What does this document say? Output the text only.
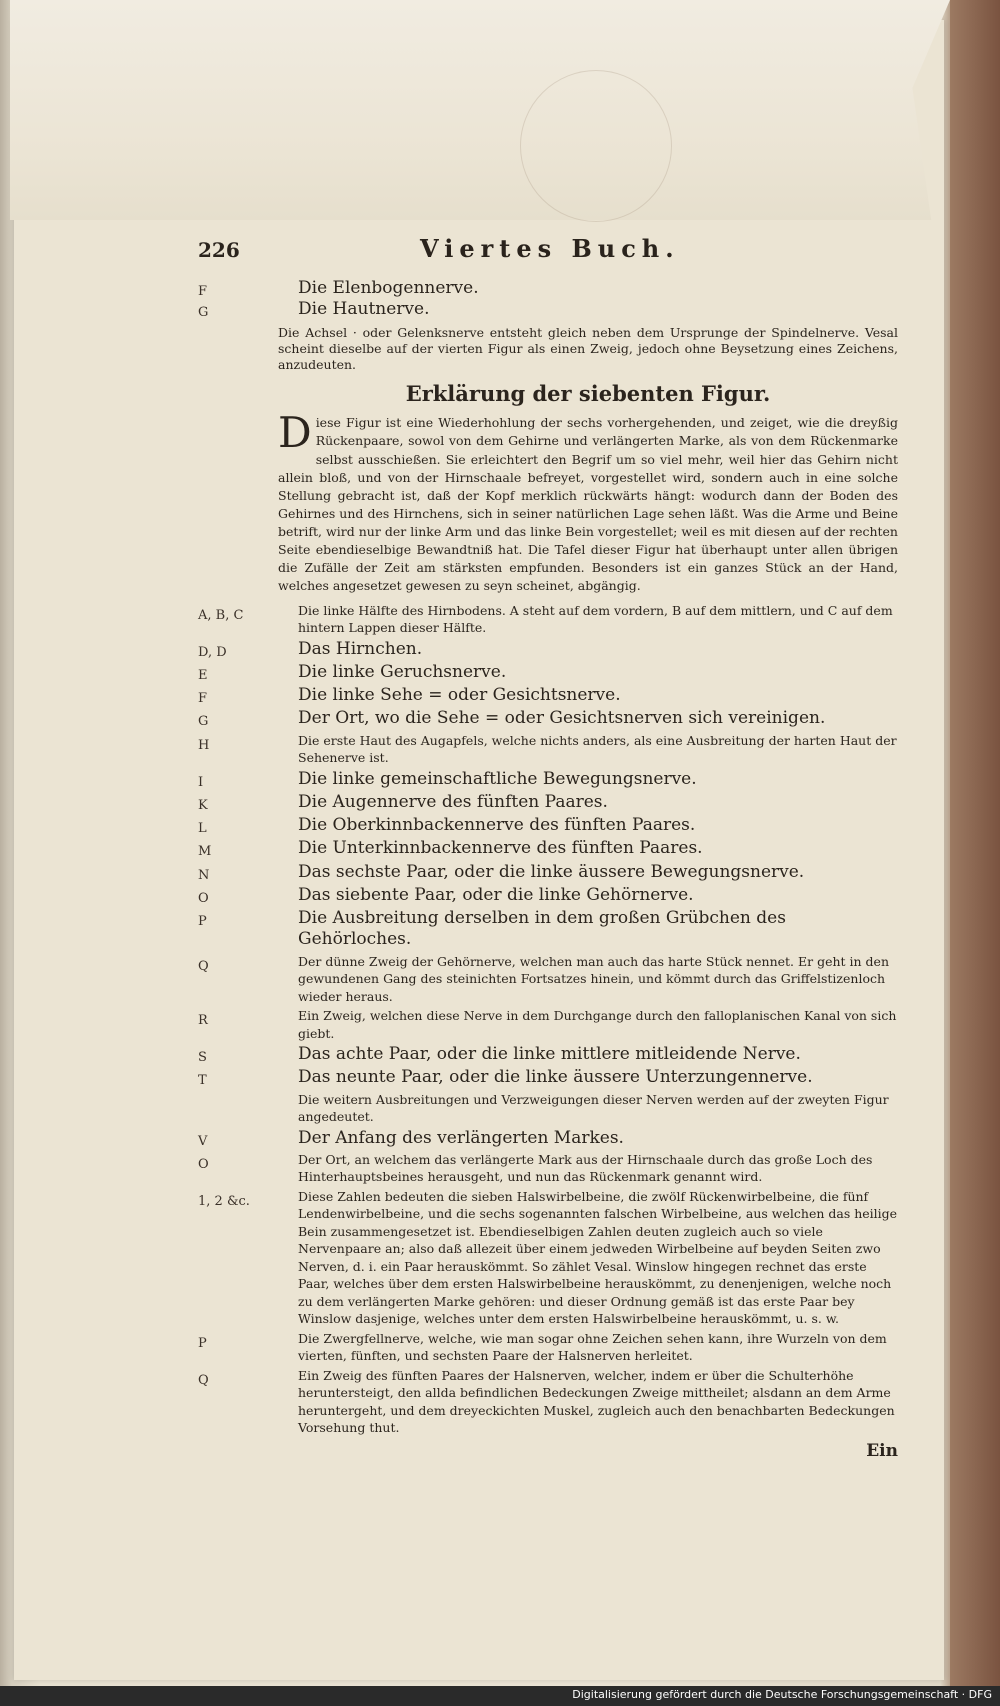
226	Viertes Buch.
F	Die Elenbogennerve.
G	Die Hautnerve.
Die Achsel · oder Gelenksnerve entsteht gleich neben dem Ursprunge der Spindelnerve. Vesal scheint dieselbe auf der vierten Figur als einen Zweig, jedoch ohne Beysetzung eines Zeichens, anzudeuten.
Erklärung der siebenten Figur.
Diese Figur ist eine Wiederhohlung der sechs vorhergehenden, und zeiget, wie die dreyßig Rückenpaare, sowol von dem Gehirne und verlängerten Marke, als von dem Rückenmarke selbst ausschießen. Sie erleichtert den Begrif um so viel mehr, weil hier das Gehirn nicht allein bloß, und von der Hirnschaale befreyet, vorgestellet wird, sondern auch in eine solche Stellung gebracht ist, daß der Kopf merklich rückwärts hängt: wodurch dann der Boden des Gehirnes und des Hirnchens, sich in seiner natürlichen Lage sehen läßt. Was die Arme und Beine betrift, wird nur der linke Arm und das linke Bein vorgestellet; weil es mit diesen auf der rechten Seite ebendieselbige Bewandtniß hat. Die Tafel dieser Figur hat überhaupt unter allen übrigen die Zufälle der Zeit am stärksten empfunden. Besonders ist ein ganzes Stück an der Hand, welches angesetzet gewesen zu seyn scheinet, abgängig.
A, B, C	Die linke Hälfte des Hirnbodens. A steht auf dem vordern, B auf dem mittlern, und C auf dem hintern Lappen dieser Hälfte.
D, D	Das Hirnchen.
E	Die linke Geruchsnerve.
F	Die linke Sehe = oder Gesichtsnerve.
G	Der Ort, wo die Sehe = oder Gesichtsnerven sich vereinigen.
H	Die erste Haut des Augapfels, welche nichts anders, als eine Ausbreitung der harten Haut der Sehenerve ist.
I	Die linke gemeinschaftliche Bewegungsnerve.
K	Die Augennerve des fünften Paares.
L	Die Oberkinnbackennerve des fünften Paares.
M	Die Unterkinnbackennerve des fünften Paares.
N	Das sechste Paar, oder die linke äussere Bewegungsnerve.
O	Das siebente Paar, oder die linke Gehörnerve.
P	Die Ausbreitung derselben in dem großen Grübchen des Gehörloches.
Q	Der dünne Zweig der Gehörnerve, welchen man auch das harte Stück nennet. Er geht in den gewundenen Gang des steinichten Fortsatzes hinein, und kömmt durch das Griffelstizenloch wieder heraus.
R	Ein Zweig, welchen diese Nerve in dem Durchgange durch den falloplanischen Kanal von sich giebt.
S	Das achte Paar, oder die linke mittlere mitleidende Nerve.
T	Das neunte Paar, oder die linke äussere Unterzungennerve.
Die weitern Ausbreitungen und Verzweigungen dieser Nerven werden auf der zweyten Figur angedeutet.
V	Der Anfang des verlängerten Markes.
O	Der Ort, an welchem das verlängerte Mark aus der Hirnschaale durch das große Loch des Hinterhauptsbeines herausgeht, und nun das Rückenmark genannt wird.
1, 2 &c.	Diese Zahlen bedeuten die sieben Halswirbelbeine, die zwölf Rückenwirbelbeine, die fünf Lendenwirbelbeine, und die sechs sogenannten falschen Wirbelbeine, aus welchen das heilige Bein zusammengesetzet ist. Ebendieselbigen Zahlen deuten zugleich auch so viele Nervenpaare an; also daß allezeit über einem jedweden Wirbelbeine auf beyden Seiten zwo Nerven, d. i. ein Paar herauskömmt. So zählet Vesal. Winslow hingegen rechnet das erste Paar, welches über dem ersten Halswirbelbeine herauskömmt, zu denenjenigen, welche noch zu dem verlängerten Marke gehören: und dieser Ordnung gemäß ist das erste Paar bey Winslow dasjenige, welches unter dem ersten Halswirbelbeine herauskömmt, u. s. w.
P	Die Zwergfellnerve, welche, wie man sogar ohne Zeichen sehen kann, ihre Wurzeln von dem vierten, fünften, und sechsten Paare der Halsnerven herleitet.
Q	Ein Zweig des fünften Paares der Halsnerven, welcher, indem er über die Schulterhöhe heruntersteigt, den allda befindlichen Bedeckungen Zweige mittheilet; alsdann an dem Arme heruntergeht, und dem dreyeckichten Muskel, zugleich auch den benachbarten Bedeckungen Vorsehung thut.
Ein
Digitalisierung gefördert durch die Deutsche Forschungsgemeinschaft · DFG
